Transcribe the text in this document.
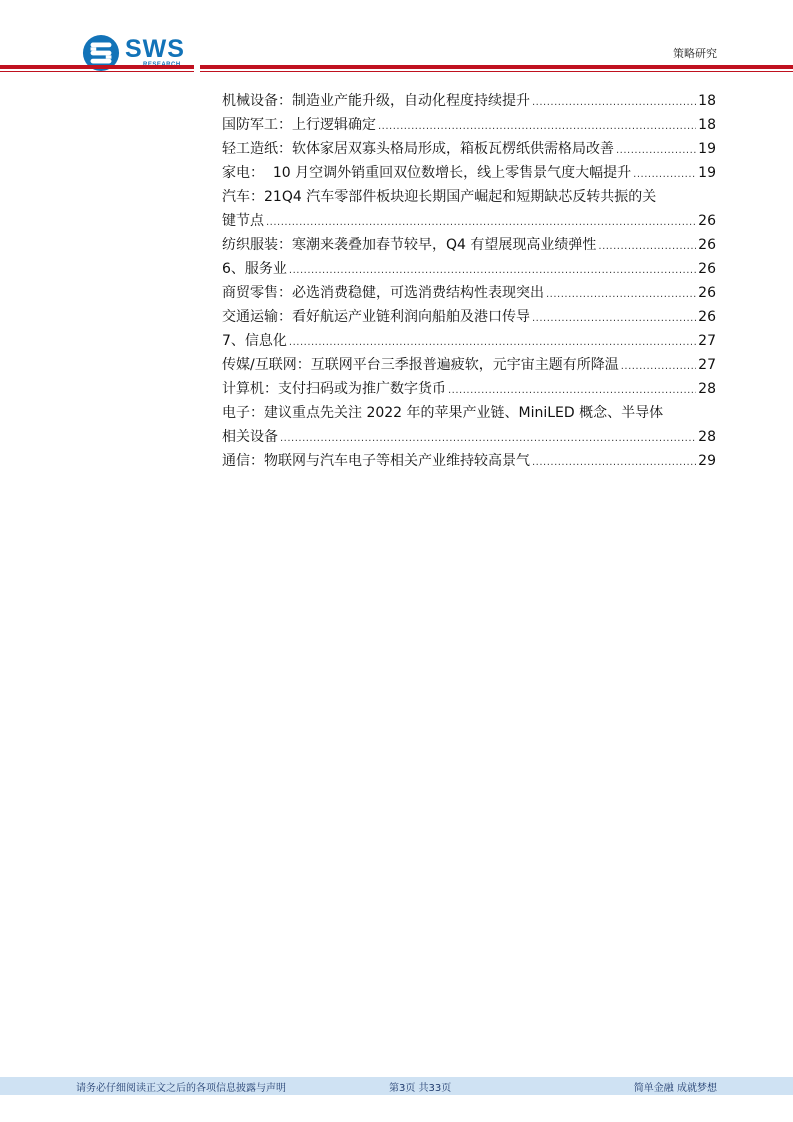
SWS	策略研究
机械设备：制造业产能升级，自动化程度持续提升 .....	18
国防军工：上行逻辑确定 .....	18
轻工造纸：软体家居双寡头格局形成，箱板瓦楞纸供需格局改善 .....	19
家电：  10 月空调外销重回双位数增长，线上零售景气度大幅提升 .....	19
汽车：21Q4 汽车零部件板块迎长期国产崛起和短期缺芯反转共振的关
键节点 .....	26
纺织服装：寒潮来袭叠加春节较早，Q4 有望展现高业绩弹性 .....	26
6、服务业 .....	26
商贸零售：必选消费稳健，可选消费结构性表现突出 .....	26
交通运输：看好航运产业链利润向船舶及港口传导 .....	26
7、信息化 .....	27
传媒/互联网：互联网平台三季报普遍疲软，元宇宙主题有所降温 .....	27
计算机：支付扫码或为推广数字货币 .....	28
电子：建议重点先关注 2022 年的苹果产业链、MiniLED 概念、半导体
相关设备 .....	28
通信：物联网与汽车电子等相关产业维持较高景气 .....	29
请务必仔细阅读正文之后的各项信息披露与声明	第3页 共33页	简单金融 成就梦想
